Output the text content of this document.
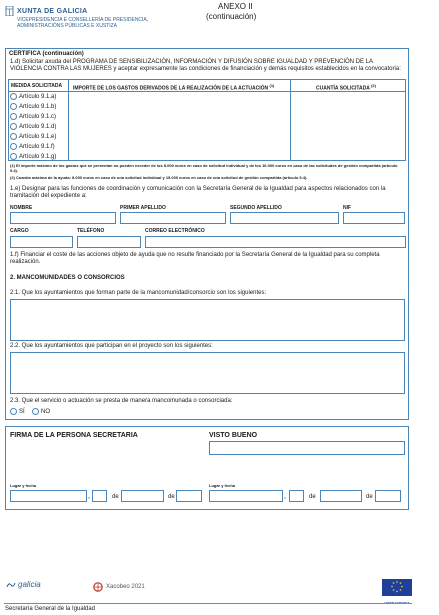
XUNTA DE GALICIA
VICEPRESIDENCIA E CONSELLERÍA DE PRESIDENCIA,
ADMINISTRACIÓNS PÚBLICAS E XUSTIZA
ANEXO II
(continuación)
CERTIFICA (continuación)
1.d) Solicitar axuda del PROGRAMA DE SENSIBILIZACIÓN, INFORMACIÓN Y DIFUSIÓN SOBRE IGUALDAD Y PREVENCIÓN DE LA VIOLENCIA CONTRA LAS MUJERES y aceptar expresamente las condiciones de financiación y demás requisitos establecidos en la convocatoria:
MEDIDA SOLICITADA IMPORTE DE LOS GASTOS DERIVADOS DE LA REALIZACIÓN DE LA ACTUACIÓN $^{(1)}$
CUANTÍA SOLICITADA $^{(2)}$
Artículo 9.1.a)
Artículo 9.1.b)
Artículo 9.1.c)
Artículo 9.1.d)
Artículo 9.1.e)
Artículo 9.1.f)
Artículo 9.1.g)
(1) El importe máximo de los gastos que se presentan no pueden exceder de los 8.000 euros en caso de solicitud individual y de los 16.000 euros en caso de las solicitudes de gestión compartida (artículo 9.4).
(2) Cuantía máxima de la ayuda: 8.000 euros en caso de una solicitud individual y 15.000 euros en caso de una solicitud de gestión compartida (artículo 9.4).
1.e) Designar para las funciones de coordinación y comunicación con la Secretaría General de la Igualdad para aspectos relacionados con la tramitación del expediente a:
NOMBRE	PRIMER APELLIDO	SEGUNDO APELLIDO	NIF
CARGO	TELÉFONO	CORREO ELECTRÓNICO
1.f) Financiar el coste de las acciones objeto de ayuda que no resulte financiado por la Secretaría General de la Igualdad para su completa realización.
2. MANCOMUNIDADES O CONSORCIOS
2.1. Que los ayuntamientos que forman parte de la mancomunidad/consorcio son los siguientes:
2.2. Que los ayuntamientos que participan en el proyecto son los siguientes:
2.3. Que el servicio o actuación se presta de manera mancomunada o consorciada:
SÍ	NO
FIRMA DE LA PERSONA SECRETARIA	VISTO BUENO
Lugar y fecha	Lugar y fecha
,	de	de	,	de	de
galicia	Xacobeo 2021
UNIÓN EUROPEA
Secretaría General de la Igualdad
